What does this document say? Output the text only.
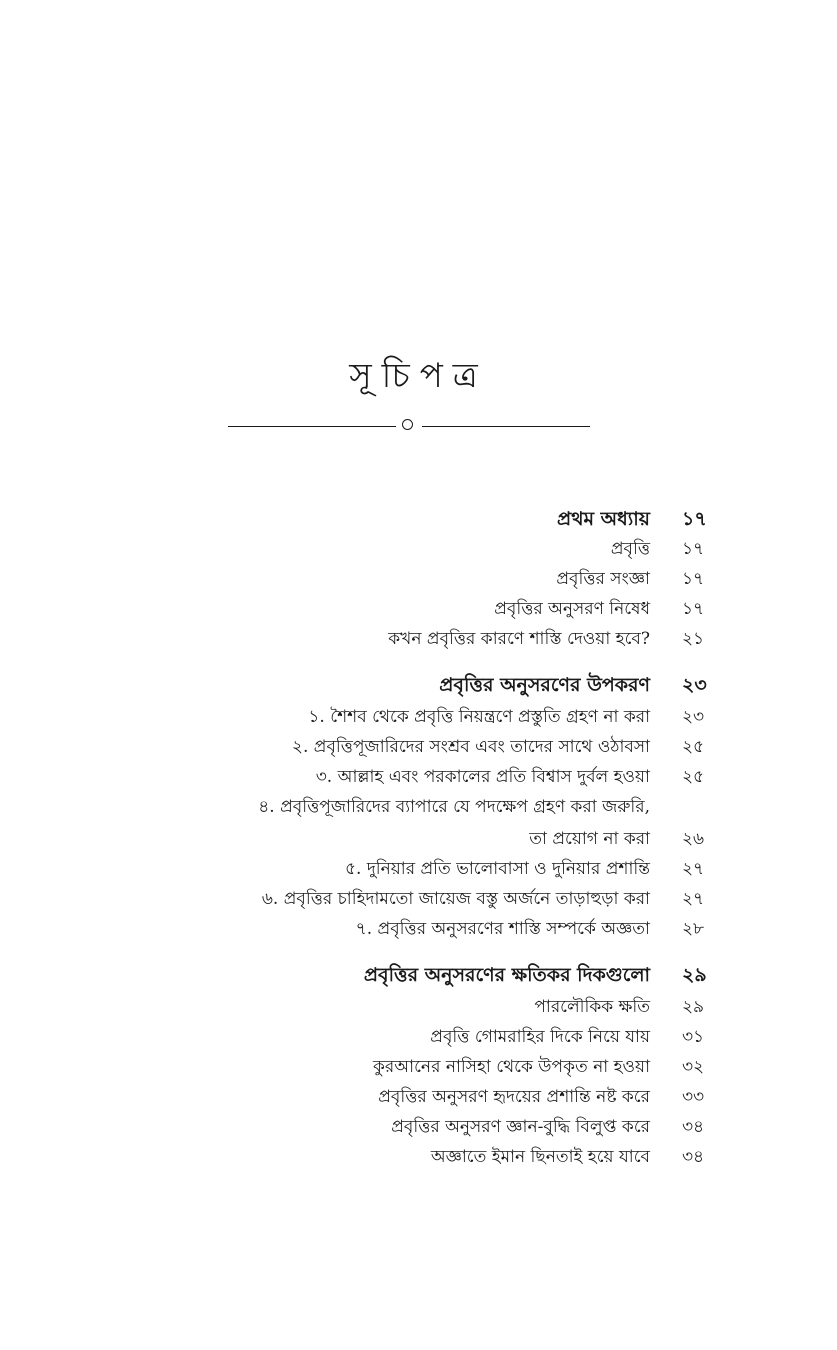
সূচিপত্র
প্রথম অধ্যায় ১৭
প্রবৃত্তি ১৭
প্রবৃত্তির সংজ্ঞা ১৭
প্রবৃত্তির অনুসরণ নিষেধ ১৭
কখন প্রবৃত্তির কারণে শাস্তি দেওয়া হবে? ২১
প্রবৃত্তির অনুসরণের উপকরণ ২৩
১. শৈশব থেকে প্রবৃত্তি নিয়ন্ত্রণে প্রস্তুতি গ্রহণ না করা ২৩
২. প্রবৃত্তিপূজারিদের সংশ্রব এবং তাদের সাথে ওঠাবসা ২৫
৩. আল্লাহ এবং পরকালের প্রতি বিশ্বাস দুর্বল হওয়া ২৫
৪. প্রবৃত্তিপূজারিদের ব্যাপারে যে পদক্ষেপ গ্রহণ করা জরুরি,
তা প্রয়োগ না করা ২৬
৫. দুনিয়ার প্রতি ভালোবাসা ও দুনিয়ার প্রশান্তি ২৭
৬. প্রবৃত্তির চাহিদামতো জায়েজ বস্তু অর্জনে তাড়াহুড়া করা ২৭
৭. প্রবৃত্তির অনুসরণের শাস্তি সম্পর্কে অজ্ঞতা ২৮
প্রবৃত্তির অনুসরণের ক্ষতিকর দিকগুলো ২৯
পারলৌকিক ক্ষতি ২৯
প্রবৃত্তি গোমরাহির দিকে নিয়ে যায় ৩১
কুরআনের নাসিহা থেকে উপকৃত না হওয়া ৩২
প্রবৃত্তির অনুসরণ হৃদয়ের প্রশান্তি নষ্ট করে ৩৩
প্রবৃত্তির অনুসরণ জ্ঞান-বুদ্ধি বিলুপ্ত করে ৩৪
অজ্ঞাতে ইমান ছিনতাই হয়ে যাবে ৩৪
